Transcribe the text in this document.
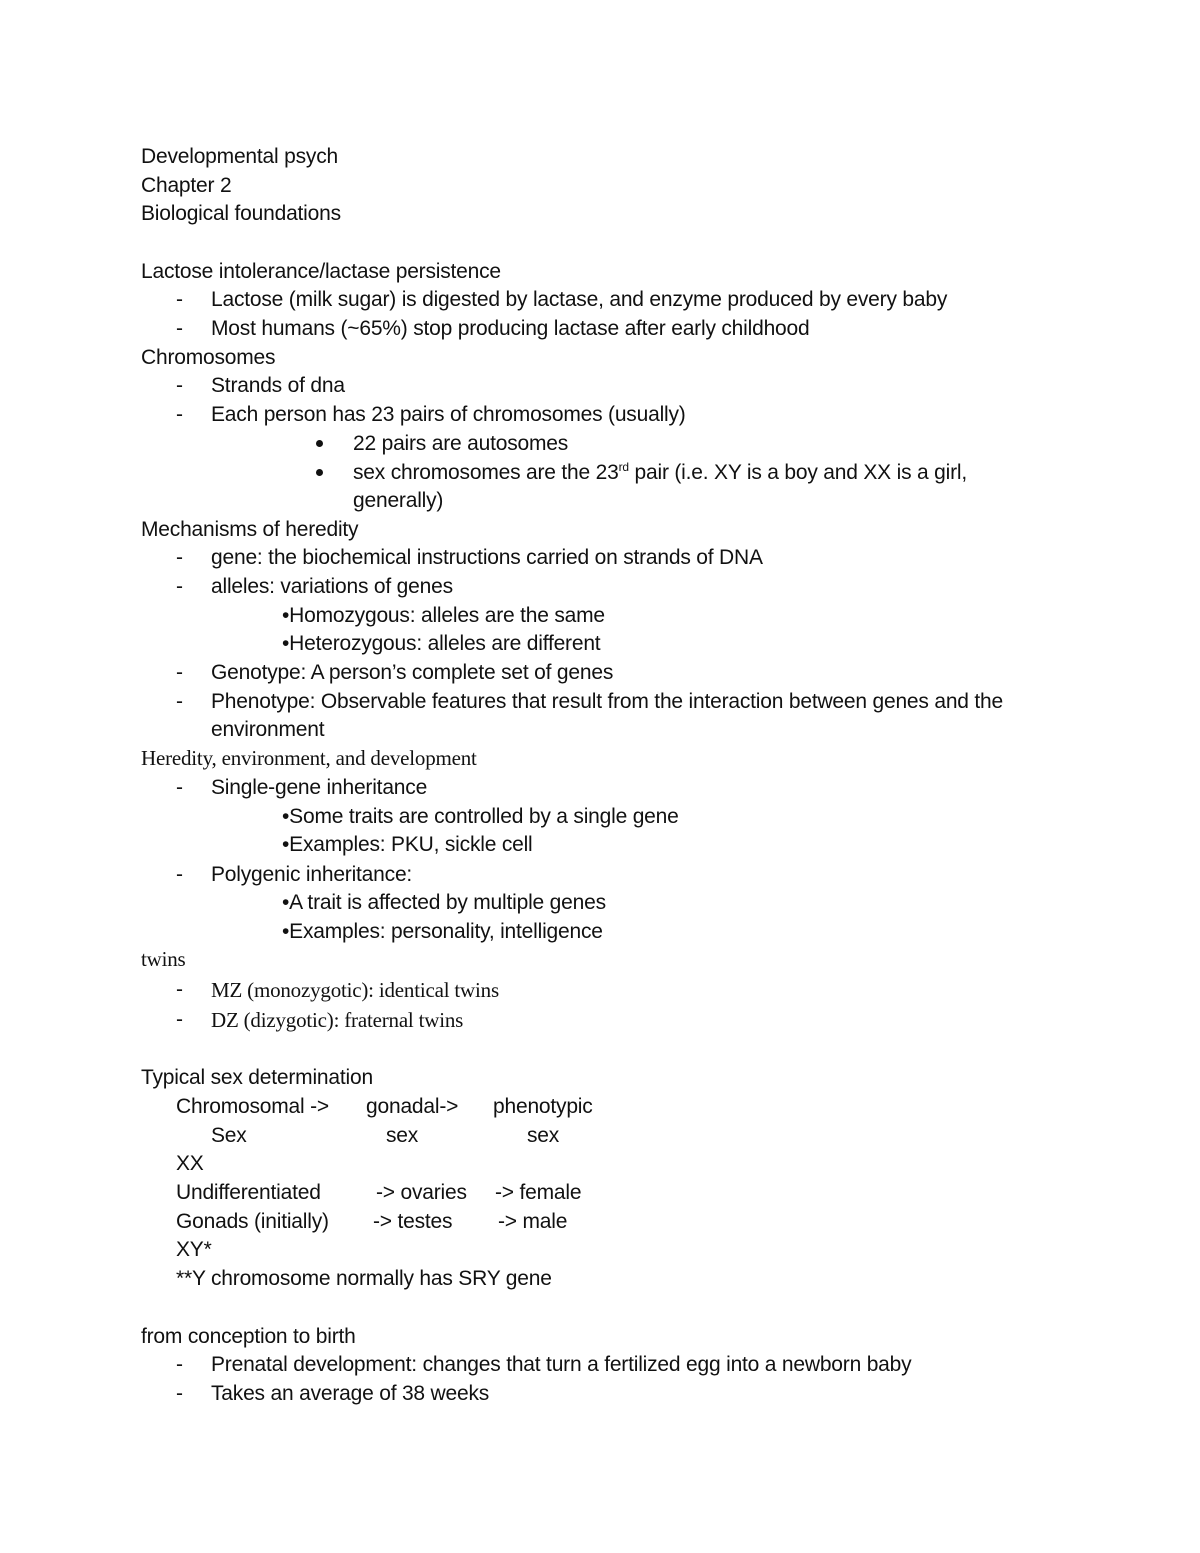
Developmental psych
Chapter 2
Biological foundations
Lactose intolerance/lactase persistence
- Lactose (milk sugar) is digested by lactase, and enzyme produced by every baby
- Most humans (~65%) stop producing lactase after early childhood
Chromosomes
- Strands of dna
- Each person has 23 pairs of chromosomes (usually)
22 pairs are autosomes
sex chromosomes are the 23rd pair (i.e. XY is a boy and XX is a girl,
generally)
Mechanisms of heredity
- gene: the biochemical instructions carried on strands of DNA
- alleles: variations of genes
•Homozygous: alleles are the same
•Heterozygous: alleles are different
- Genotype: A person’s complete set of genes
- Phenotype: Observable features that result from the interaction between genes and the
environment
Heredity, environment, and development
- Single-gene inheritance
•Some traits are controlled by a single gene
•Examples: PKU, sickle cell
- Polygenic inheritance:
•A trait is affected by multiple genes
•Examples: personality, intelligence
twins
- MZ (monozygotic): identical twins
- DZ (dizygotic): fraternal twins
Typical sex determination
Chromosomal -> gonadal-> phenotypic
Sex	sex	sex
XX
Undifferentiated	-> ovaries -> female
Gonads (initially) -> testes -> male
XY*
**Y chromosome normally has SRY gene
from conception to birth
- Prenatal development: changes that turn a fertilized egg into a newborn baby
- Takes an average of 38 weeks
